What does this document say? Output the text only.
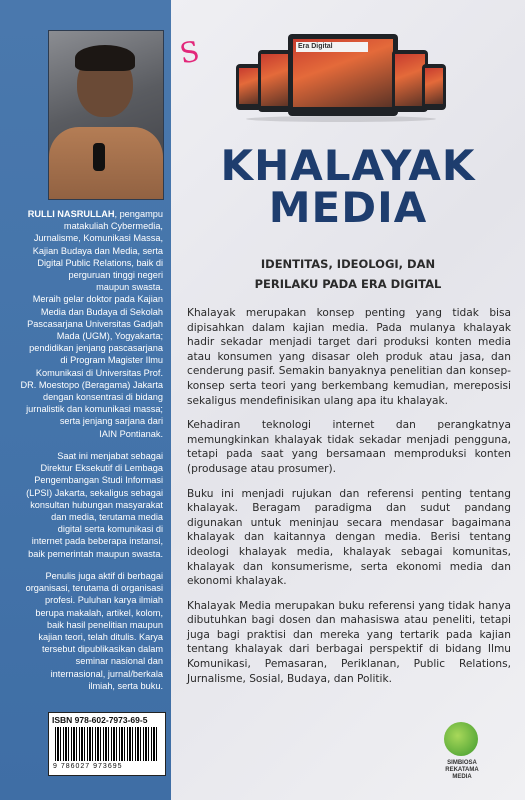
RULLI NASRULLAH, pengampu

matakuliah Cybermedia,

Jurnalisme, Komunikasi Massa,

Kajian Budaya dan Media, serta

Digital Public Relations, baik di

perguruan tinggi negeri

maupun swasta.

Meraih gelar doktor pada Kajian

Media dan Budaya di Sekolah

Pascasarjana Universitas Gadjah

Mada (UGM), Yogyakarta;

pendidikan jenjang pascasarjana

di Program Magister Ilmu

Komunikasi di Universitas Prof.

DR. Moestopo (Beragama) Jakarta

dengan konsentrasi di bidang

jurnalistik dan komunikasi massa;

serta jenjang sarjana dari

IAIN Pontianak.

Saat ini menjabat sebagai

Direktur Eksekutif di Lembaga

Pengembangan Studi Informasi

(LPSI) Jakarta, sekaligus sebagai

konsultan hubungan masyarakat

dan media, terutama media

digital serta komunikasi di

internet pada beberapa instansi,

baik pemerintah maupun swasta.

Penulis juga aktif di berbagai

organisasi, terutama di organisasi

profesi. Puluhan karya ilmiah

berupa makalah, artikel, kolom,

baik hasil penelitian maupun

kajian teori, telah ditulis. Karya

tersebut dipublikasikan dalam

seminar nasional dan

internasional, jurnal/berkala

ilmiah, serta buku.

ISBN 978-602-7973-69-5
9 786027 973695
S	Era Digital
KHALAYAK
MEDIA
IDENTITAS, IDEOLOGI, DAN
PERILAKU PADA ERA DIGITAL

Khalayak merupakan konsep penting yang tidak bisa dipisahkan dalam kajian media. Pada mulanya khalayak hadir sekadar menjadi target dari produksi konten media atau konsumen yang disasar oleh produk atau jasa, dan cenderung pasif. Semakin banyaknya penelitian dan konsep-konsep serta teori yang berkembang kemudian, mereposisi sekaligus mendefinisikan ulang apa itu khalayak.

Kehadiran teknologi internet dan perangkatnya memungkinkan khalayak tidak sekadar menjadi pengguna, tetapi pada saat yang bersamaan memproduksi konten (produsage atau prosumer).

Buku ini menjadi rujukan dan referensi penting tentang khalayak. Beragam paradigma dan sudut pandang digunakan untuk meninjau secara mendasar bagaimana khalayak dan kaitannya dengan media. Berisi tentang ideologi khalayak media, khalayak sebagai komunitas, khalayak dan konsumerisme, serta ekonomi media dan ekonomi khalayak.

Khalayak Media merupakan buku referensi yang tidak hanya dibutuhkan bagi dosen dan mahasiswa atau peneliti, tetapi juga bagi praktisi dan mereka yang tertarik pada kajian tentang khalayak dari berbagai perspektif di bidang Ilmu Komunikasi, Pemasaran, Periklanan, Public Relations, Jurnalisme, Sosial, Budaya, dan Politik.

SIMBIOSA
REKATAMA
MEDIA
